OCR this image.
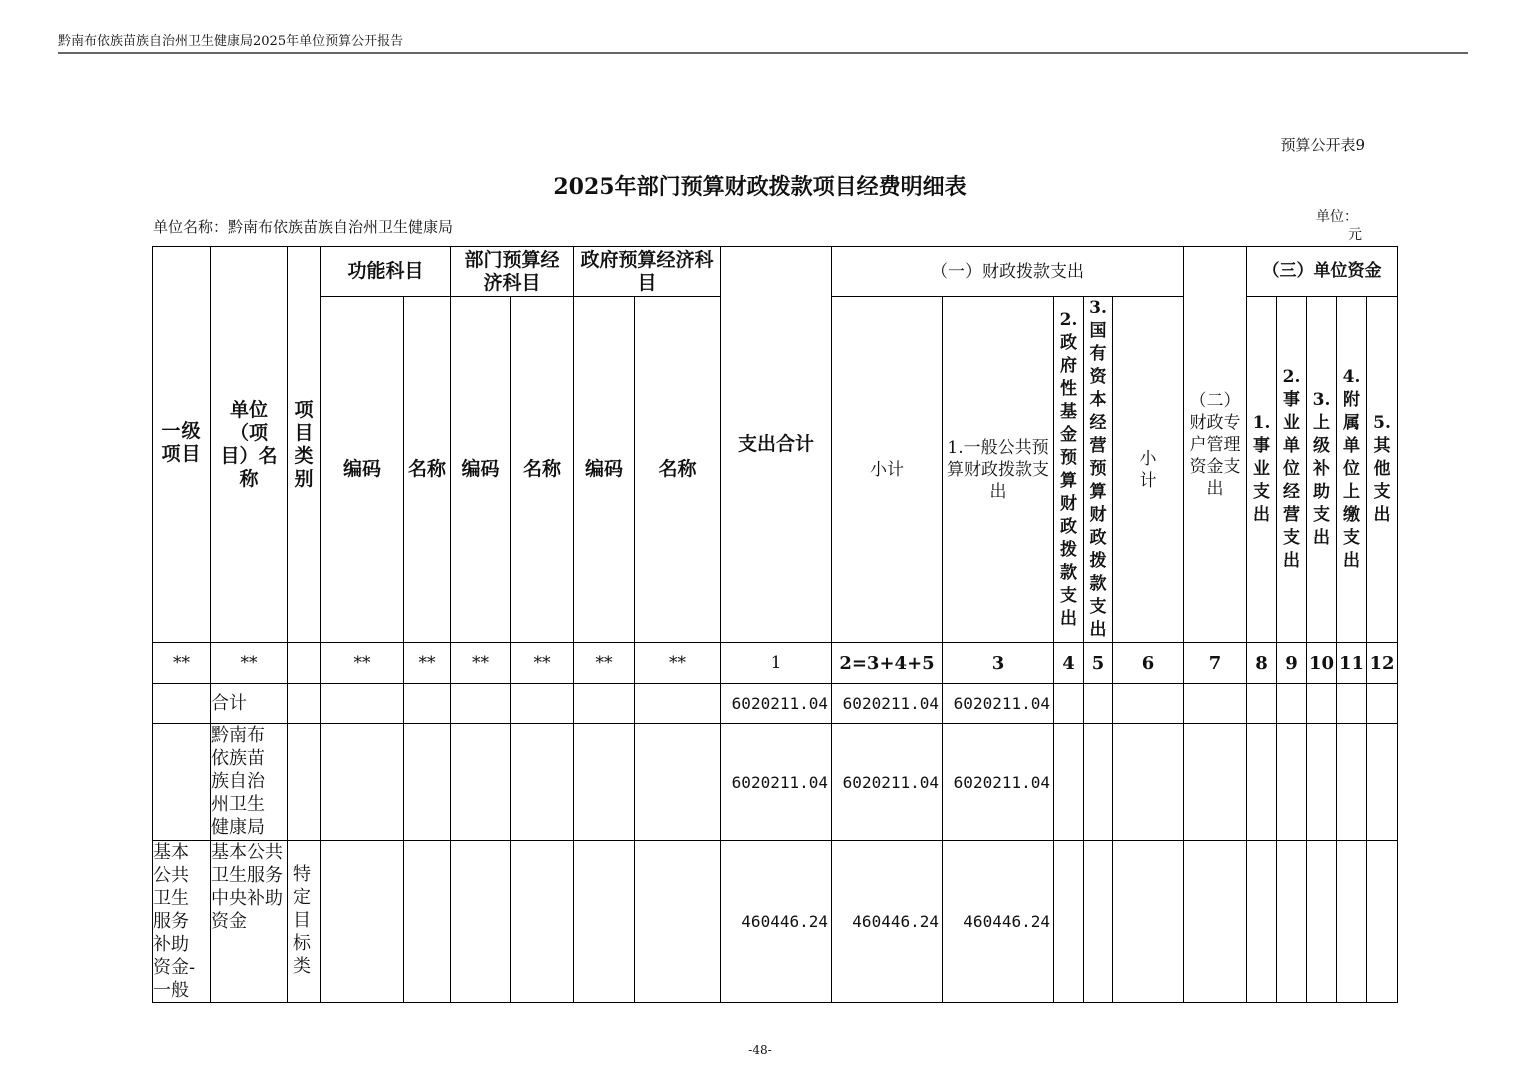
黔南布依族苗族自治州卫生健康局2025年单位预算公开报告
预算公开表9
2025年部门预算财政拨款项目经费明细表
单位名称：黔南布依族苗族自治州卫生健康局
单位：
元
一级项目	单位（项目）名称	项目类别	功能科目		部门预算经济科目		政府预算经济科目		支出合计	（一）财政拨款支出					（二）财政专户管理资金支出	（三）单位资金				
			编码	名称	编码	名称	编码	名称		小计	1.一般公共预算财政拨款支出	2.政府性基金预算财政拨款支出	3.国有资本经营预算财政拨款支出	小计		1.事业支出	2.事业单位经营支出	3.上级补助支出	4.附属单位上缴支出	5.其他支出

**	**		**	**	**	**	**	**	1	2=3+4+5	3	4	5	6	7	8	9	10	11	12
	合计								6020211.04	6020211.04	6020211.04									

	黔南布依族苗族自治州卫生健康局								6020211.04	6020211.04	6020211.04									

基本公共卫生服务补助资金-一般	基本公共卫生服务中央补助资金	特定目标类							460446.24	460446.24	460446.24									
-48-
